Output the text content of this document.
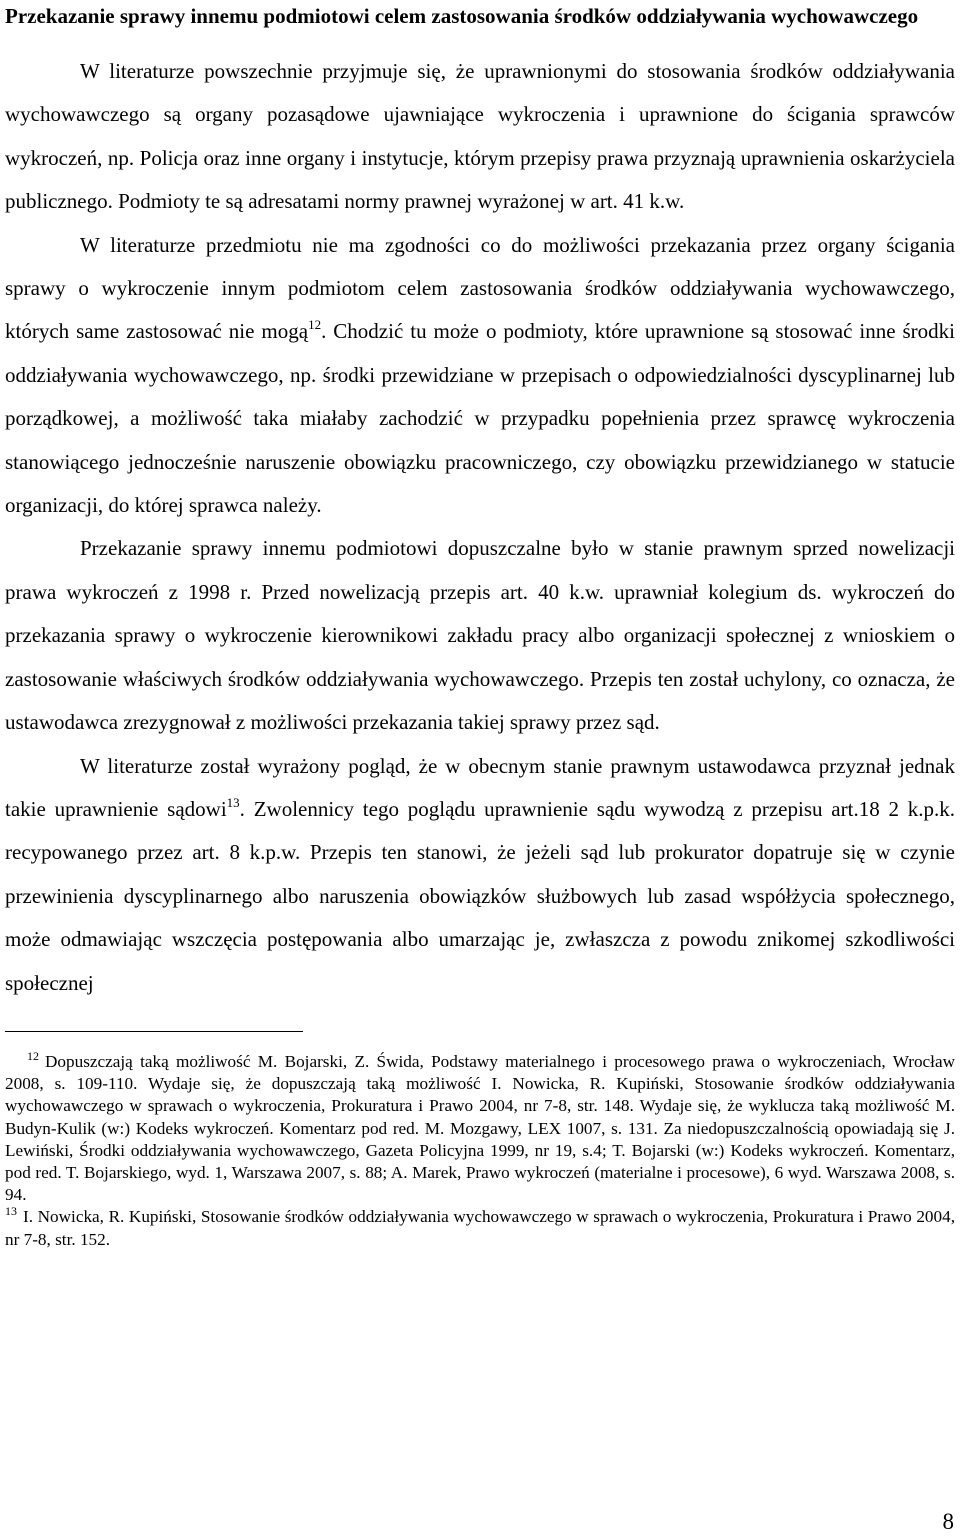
Przekazanie sprawy innemu podmiotowi celem zastosowania środków oddziaływania wychowawczego

W literaturze powszechnie przyjmuje się, że uprawnionymi do stosowania środków oddziaływania wychowawczego są organy pozasądowe ujawniające wykroczenia i uprawnione do ścigania sprawców wykroczeń, np. Policja oraz inne organy i instytucje, którym przepisy prawa przyznają uprawnienia oskarżyciela publicznego. Podmioty te są adresatami normy prawnej wyrażonej w art. 41 k.w.

W literaturze przedmiotu nie ma zgodności co do możliwości przekazania przez organy ścigania sprawy o wykroczenie innym podmiotom celem zastosowania środków oddziaływania wychowawczego, których same zastosować nie mogą$^{12}$. Chodzić tu może o podmioty, które uprawnione są stosować inne środki oddziaływania wychowawczego, np. środki przewidziane w przepisach o odpowiedzialności dyscyplinarnej lub porządkowej, a możliwość taka miałaby zachodzić w przypadku popełnienia przez sprawcę wykroczenia stanowiącego jednocześnie naruszenie obowiązku pracowniczego, czy obowiązku przewidzianego w statucie organizacji, do której sprawca należy.

Przekazanie sprawy innemu podmiotowi dopuszczalne było w stanie prawnym sprzed nowelizacji prawa wykroczeń z 1998 r. Przed nowelizacją przepis art. 40 k.w. uprawniał kolegium ds. wykroczeń do przekazania sprawy o wykroczenie kierownikowi zakładu pracy albo organizacji społecznej z wnioskiem o zastosowanie właściwych środków oddziaływania wychowawczego. Przepis ten został uchylony, co oznacza, że ustawodawca zrezygnował z możliwości przekazania takiej sprawy przez sąd.

W literaturze został wyrażony pogląd, że w obecnym stanie prawnym ustawodawca przyznał jednak takie uprawnienie sądowi$^{13}$. Zwolennicy tego poglądu uprawnienie sądu wywodzą z przepisu art.18 2 k.p.k. recypowanego przez art. 8 k.p.w. Przepis ten stanowi, że jeżeli sąd lub prokurator dopatruje się w czynie przewinienia dyscyplinarnego albo naruszenia obowiązków służbowych lub zasad współżycia społecznego, może odmawiając wszczęcia postępowania albo umarzając je, zwłaszcza z powodu znikomej szkodliwości społecznej

12 Dopuszczają taką możliwość M. Bojarski, Z. Świda, Podstawy materialnego i procesowego prawa o wykroczeniach, Wrocław 2008, s. 109-110. Wydaje się, że dopuszczają taką możliwość I. Nowicka, R. Kupiński, Stosowanie środków oddziaływania wychowawczego w sprawach o wykroczenia, Prokuratura i Prawo 2004, nr 7-8, str. 148. Wydaje się, że wyklucza taką możliwość M. Budyn-Kulik (w:) Kodeks wykroczeń. Komentarz pod red. M. Mozgawy, LEX 1007, s. 131. Za niedopuszczalnością opowiadają się J. Lewiński, Środki oddziaływania wychowawczego, Gazeta Policyjna 1999, nr 19, s.4; T. Bojarski (w:) Kodeks wykroczeń. Komentarz, pod red. T. Bojarskiego, wyd. 1, Warszawa 2007, s. 88; A. Marek, Prawo wykroczeń (materialne i procesowe), 6 wyd. Warszawa 2008, s. 94.

13 I. Nowicka, R. Kupiński, Stosowanie środków oddziaływania wychowawczego w sprawach o wykroczenia, Prokuratura i Prawo 2004, nr 7-8, str. 152.

8
